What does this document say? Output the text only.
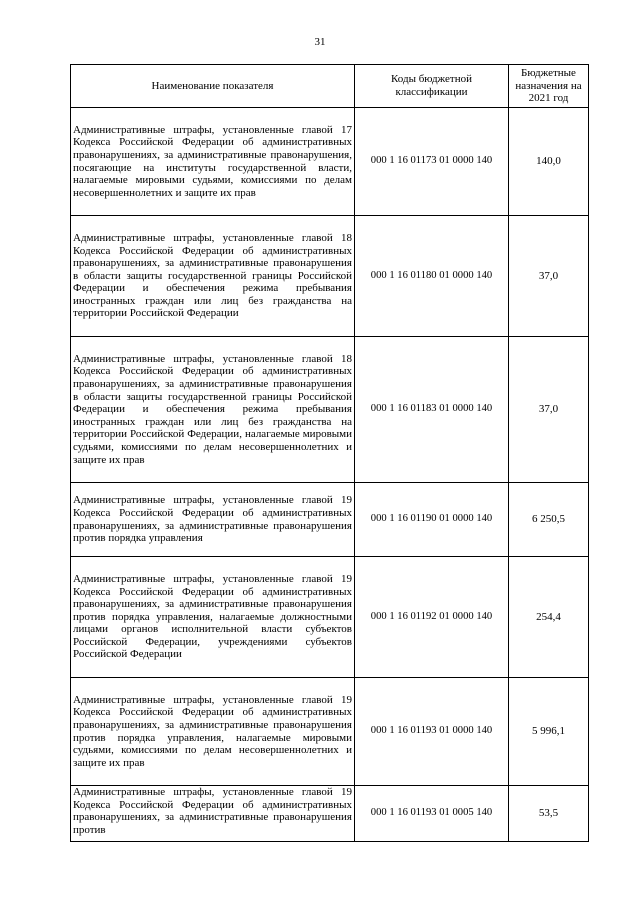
31
Наименование показателя	Коды бюджетной классификации	Бюджетные назначения на 2021 год
Административные штрафы, установленные главой 17 Кодекса Российской Федерации об административных правонарушениях, за административные правонарушения, посягающие на институты государственной власти, налагаемые мировыми судьями, комиссиями по делам несовершеннолетних и защите их прав	000 1 16 01173 01 0000 140	140,0
Административные штрафы, установленные главой 18 Кодекса Российской Федерации об административных правонарушениях, за административные правонарушения в области защиты государственной границы Российской Федерации и обеспечения режима пребывания иностранных граждан или лиц без гражданства на территории Российской Федерации	000 1 16 01180 01 0000 140	37,0
Административные штрафы, установленные главой 18 Кодекса Российской Федерации об административных правонарушениях, за административные правонарушения в области защиты государственной границы Российской Федерации и обеспечения режима пребывания иностранных граждан или лиц без гражданства на территории Российской Федерации, налагаемые мировыми судьями, комиссиями по делам несовершеннолетних и защите их прав	000 1 16 01183 01 0000 140	37,0
Административные штрафы, установленные главой 19 Кодекса Российской Федерации об административных правонарушениях, за административные правонарушения против порядка управления	000 1 16 01190 01 0000 140	6 250,5
Административные штрафы, установленные главой 19 Кодекса Российской Федерации об административных правонарушениях, за административные правонарушения против порядка управления, налагаемые должностными лицами органов исполнительной власти субъектов Российской Федерации, учреждениями субъектов Российской Федерации	000 1 16 01192 01 0000 140	254,4
Административные штрафы, установленные главой 19 Кодекса Российской Федерации об административных правонарушениях, за административные правонарушения против порядка управления, налагаемые мировыми судьями, комиссиями по делам несовершеннолетних и защите их прав	000 1 16 01193 01 0000 140	5 996,1
Административные штрафы, установленные главой 19 Кодекса Российской Федерации об административных правонарушениях, за административные правонарушения против	000 1 16 01193 01 0005 140	53,5
